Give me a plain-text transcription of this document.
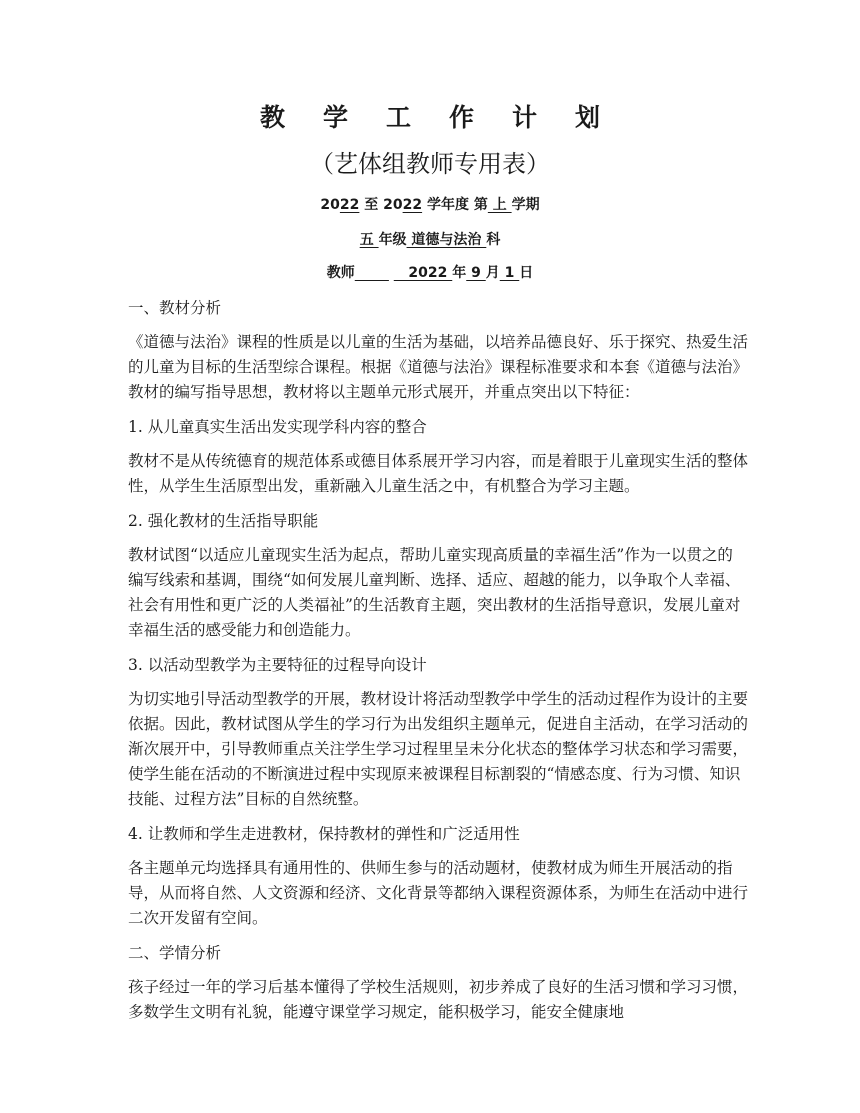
教学工作计划
（艺体组教师专用表）
2022 至 2022 学年度 第 上 学期
五 年级 道德与法治 科
教师	2022 年 9 月 1 日

一、教材分析

《道德与法治》课程的性质是以儿童的生活为基础，以培养品德良好、乐于探究、热爱生活的儿童为目标的生活型综合课程。根据《道德与法治》课程标准要求和本套《道德与法治》教材的编写指导思想，教材将以主题单元形式展开，并重点突出以下特征：

1. 从儿童真实生活出发实现学科内容的整合

教材不是从传统德育的规范体系或德目体系展开学习内容，而是着眼于儿童现实生活的整体性，从学生生活原型出发，重新融入儿童生活之中，有机整合为学习主题。

2. 强化教材的生活指导职能

教材试图“以适应儿童现实生活为起点，帮助儿童实现高质量的幸福生活”作为一以贯之的编写线索和基调，围绕“如何发展儿童判断、选择、适应、超越的能力，以争取个人幸福、社会有用性和更广泛的人类福祉”的生活教育主题，突出教材的生活指导意识，发展儿童对幸福生活的感受能力和创造能力。

3. 以活动型教学为主要特征的过程导向设计

为切实地引导活动型教学的开展，教材设计将活动型教学中学生的活动过程作为设计的主要依据。因此，教材试图从学生的学习行为出发组织主题单元，促进自主活动，在学习活动的渐次展开中，引导教师重点关注学生学习过程里呈未分化状态的整体学习状态和学习需要，使学生能在活动的不断演进过程中实现原来被课程目标割裂的“情感态度、行为习惯、知识技能、过程方法”目标的自然统整。

4. 让教师和学生走进教材，保持教材的弹性和广泛适用性

各主题单元均选择具有通用性的、供师生参与的活动题材，使教材成为师生开展活动的指导，从而将自然、人文资源和经济、文化背景等都纳入课程资源体系，为师生在活动中进行二次开发留有空间。

二、学情分析

孩子经过一年的学习后基本懂得了学校生活规则，初步养成了良好的生活习惯和学习习惯，多数学生文明有礼貌，能遵守课堂学习规定，能积极学习，能安全健康地
